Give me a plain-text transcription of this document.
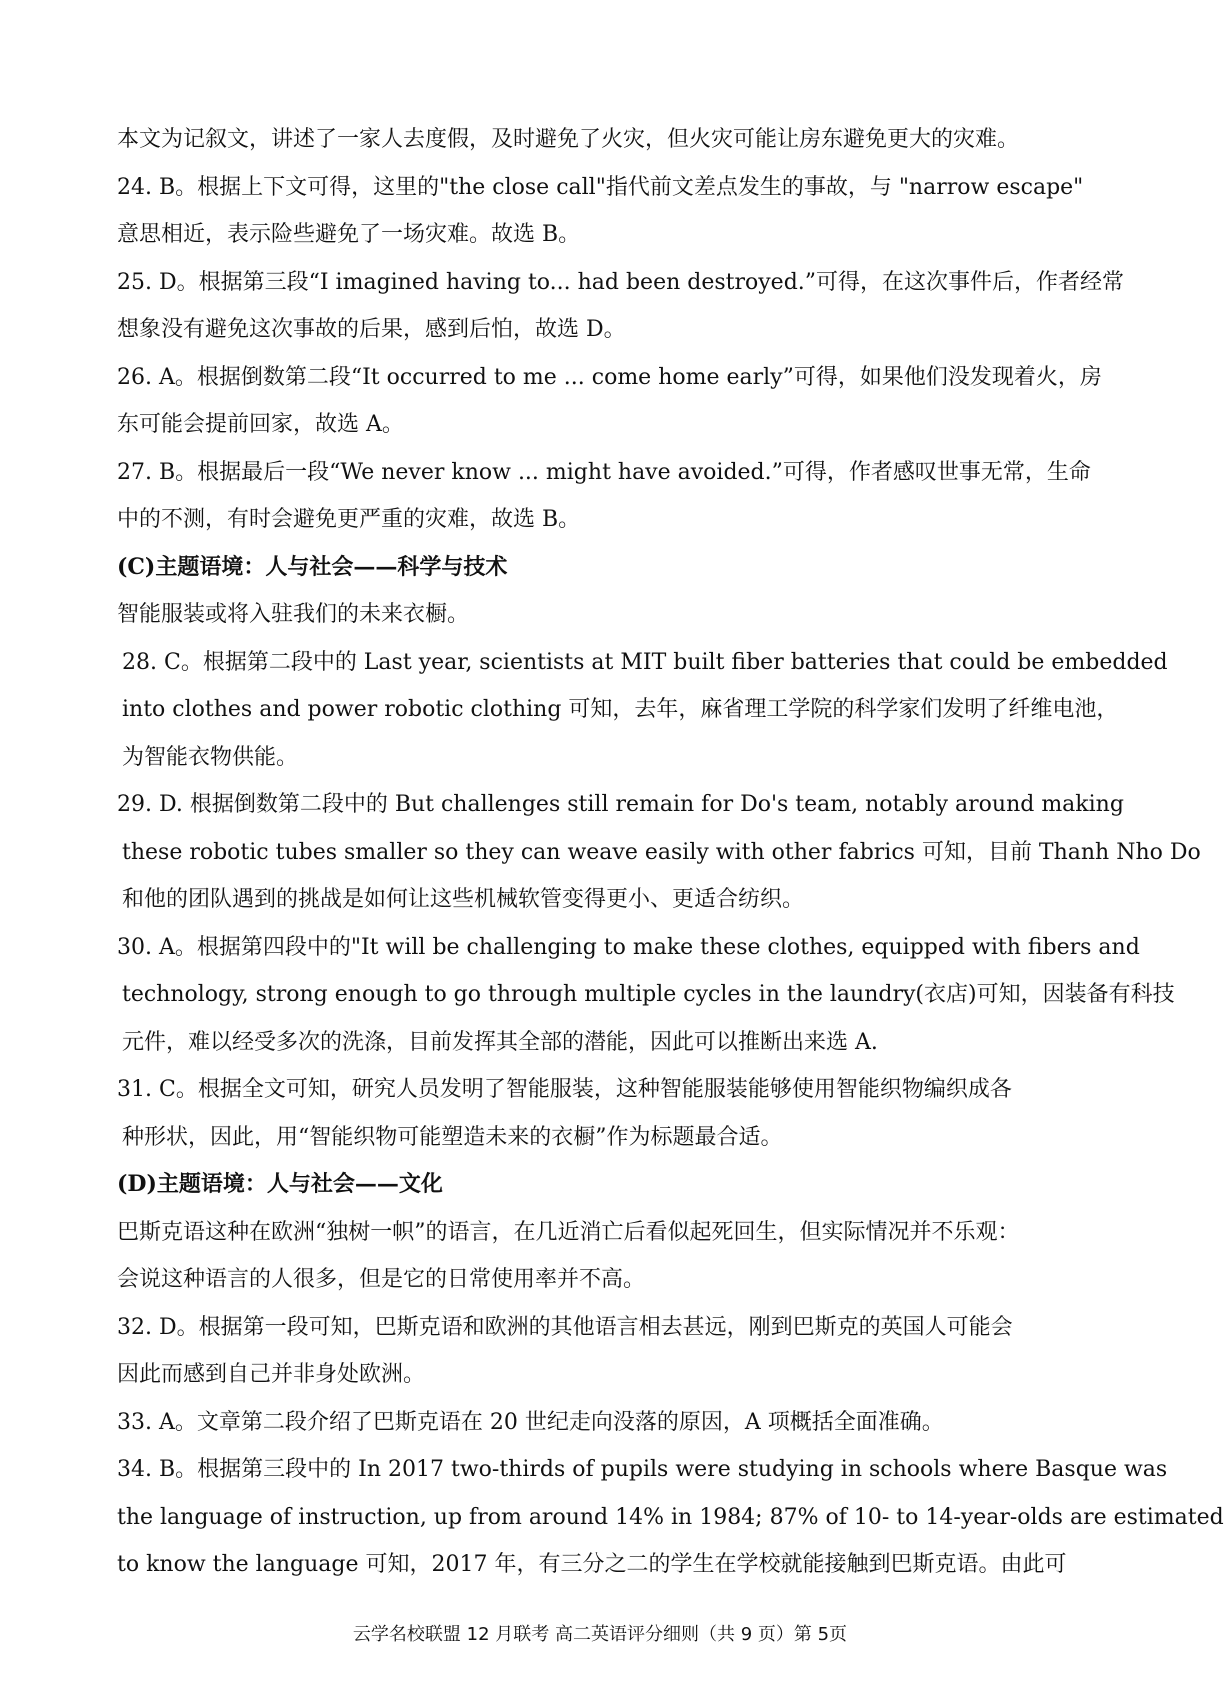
本文为记叙文，讲述了一家人去度假，及时避免了火灾，但火灾可能让房东避免更大的灾难。
24. B。根据上下文可得，这里的"the close call"指代前文差点发生的事故，与 "narrow escape"
意思相近，表示险些避免了一场灾难。故选 B。
25. D。根据第三段“I imagined having to... had been destroyed.”可得，在这次事件后，作者经常
想象没有避免这次事故的后果，感到后怕，故选 D。
26. A。根据倒数第二段“It occurred to me ... come home early”可得，如果他们没发现着火，房
东可能会提前回家，故选 A。
27. B。根据最后一段“We never know ... might have avoided.”可得，作者感叹世事无常，生命
中的不测，有时会避免更严重的灾难，故选 B。
(C)主题语境：人与社会——科学与技术
智能服装或将入驻我们的未来衣橱。
28. C。根据第二段中的 Last year, scientists at MIT built fiber batteries that could be embedded
into clothes and power robotic clothing 可知，去年，麻省理工学院的科学家们发明了纤维电池，
为智能衣物供能。
29. D. 根据倒数第二段中的 But challenges still remain for Do's team, notably around making
these robotic tubes smaller so they can weave easily with other fabrics 可知，目前 Thanh Nho Do
和他的团队遇到的挑战是如何让这些机械软管变得更小、更适合纺织。
30. A。根据第四段中的"It will be challenging to make these clothes, equipped with fibers and
technology, strong enough to go through multiple cycles in the laundry(衣店)可知，因装备有科技
元件，难以经受多次的洗涤，目前发挥其全部的潜能，因此可以推断出来选 A.
31. C。根据全文可知，研究人员发明了智能服装，这种智能服装能够使用智能织物编织成各
种形状，因此，用“智能织物可能塑造未来的衣橱”作为标题最合适。
(D)主题语境：人与社会——文化
巴斯克语这种在欧洲“独树一帜”的语言，在几近消亡后看似起死回生，但实际情况并不乐观：
会说这种语言的人很多，但是它的日常使用率并不高。
32. D。根据第一段可知，巴斯克语和欧洲的其他语言相去甚远，刚到巴斯克的英国人可能会
因此而感到自己并非身处欧洲。
33. A。文章第二段介绍了巴斯克语在 20 世纪走向没落的原因，A 项概括全面准确。
34. B。根据第三段中的 In 2017 two-thirds of pupils were studying in schools where Basque was
the language of instruction, up from around 14% in 1984; 87% of 10- to 14-year-olds are estimated
to know the language 可知，2017 年，有三分之二的学生在学校就能接触到巴斯克语。由此可
云学名校联盟 12 月联考 高二英语评分细则（共 9 页）第 5页
